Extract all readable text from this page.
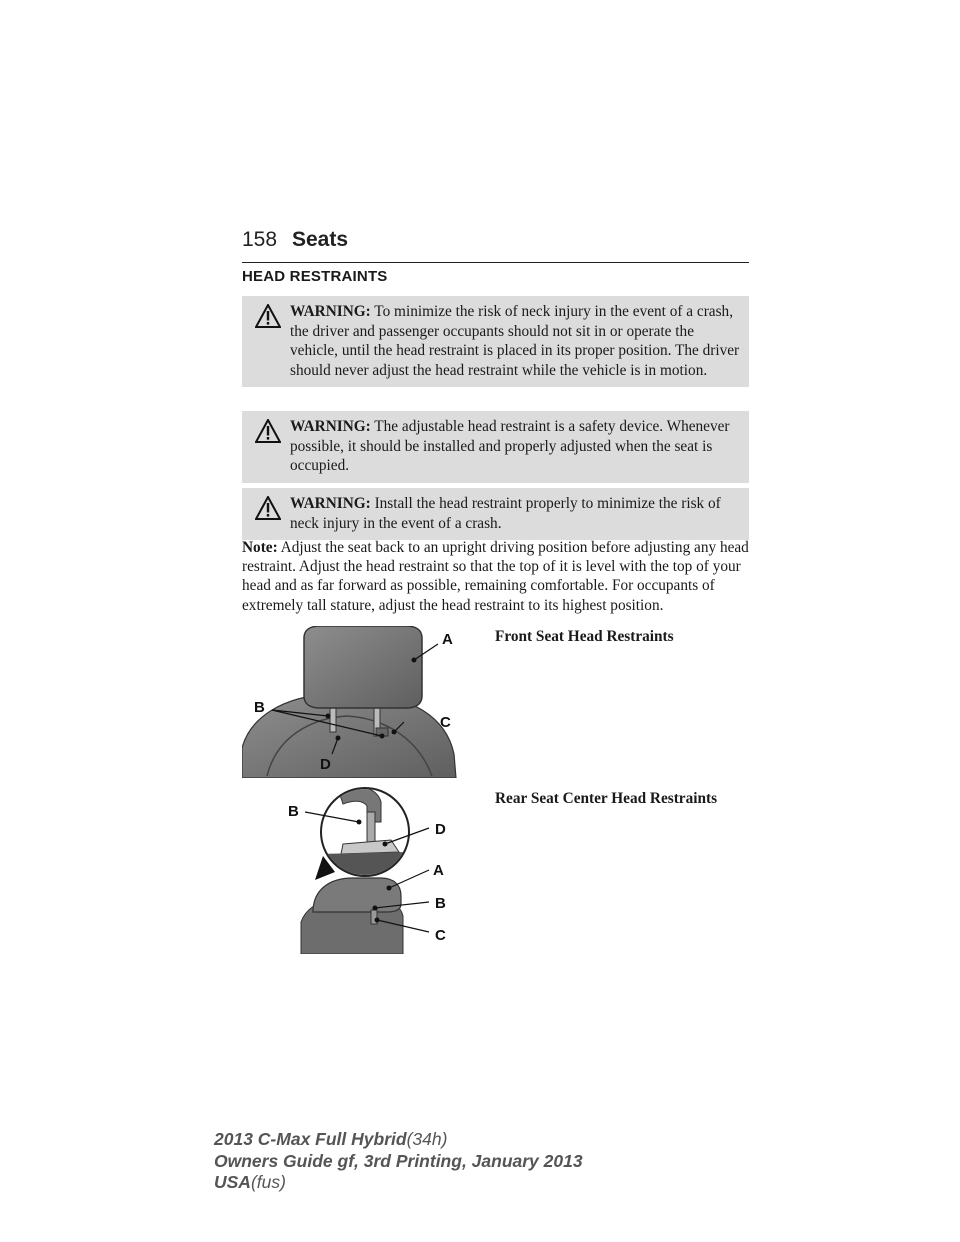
158 Seats
HEAD RESTRAINTS
WARNING: To minimize the risk of neck injury in the event of a crash, the driver and passenger occupants should not sit in or operate the vehicle, until the head restraint is placed in its proper position. The driver should never adjust the head restraint while the vehicle is in motion.
WARNING: The adjustable head restraint is a safety device. Whenever possible, it should be installed and properly adjusted when the seat is occupied.
WARNING: Install the head restraint properly to minimize the risk of neck injury in the event of a crash.
Note: Adjust the seat back to an upright driving position before adjusting any head restraint. Adjust the head restraint so that the top of it is level with the top of your head and as far forward as possible, remaining comfortable. For occupants of extremely tall stature, adjust the head restraint to its highest position.
A
B
C
D
Front Seat Head Restraints
B
D
A
B
C
Rear Seat Center Head Restraints
2013 C-Max Full Hybrid(34h)
Owners Guide gf, 3rd Printing, January 2013
USA(fus)
